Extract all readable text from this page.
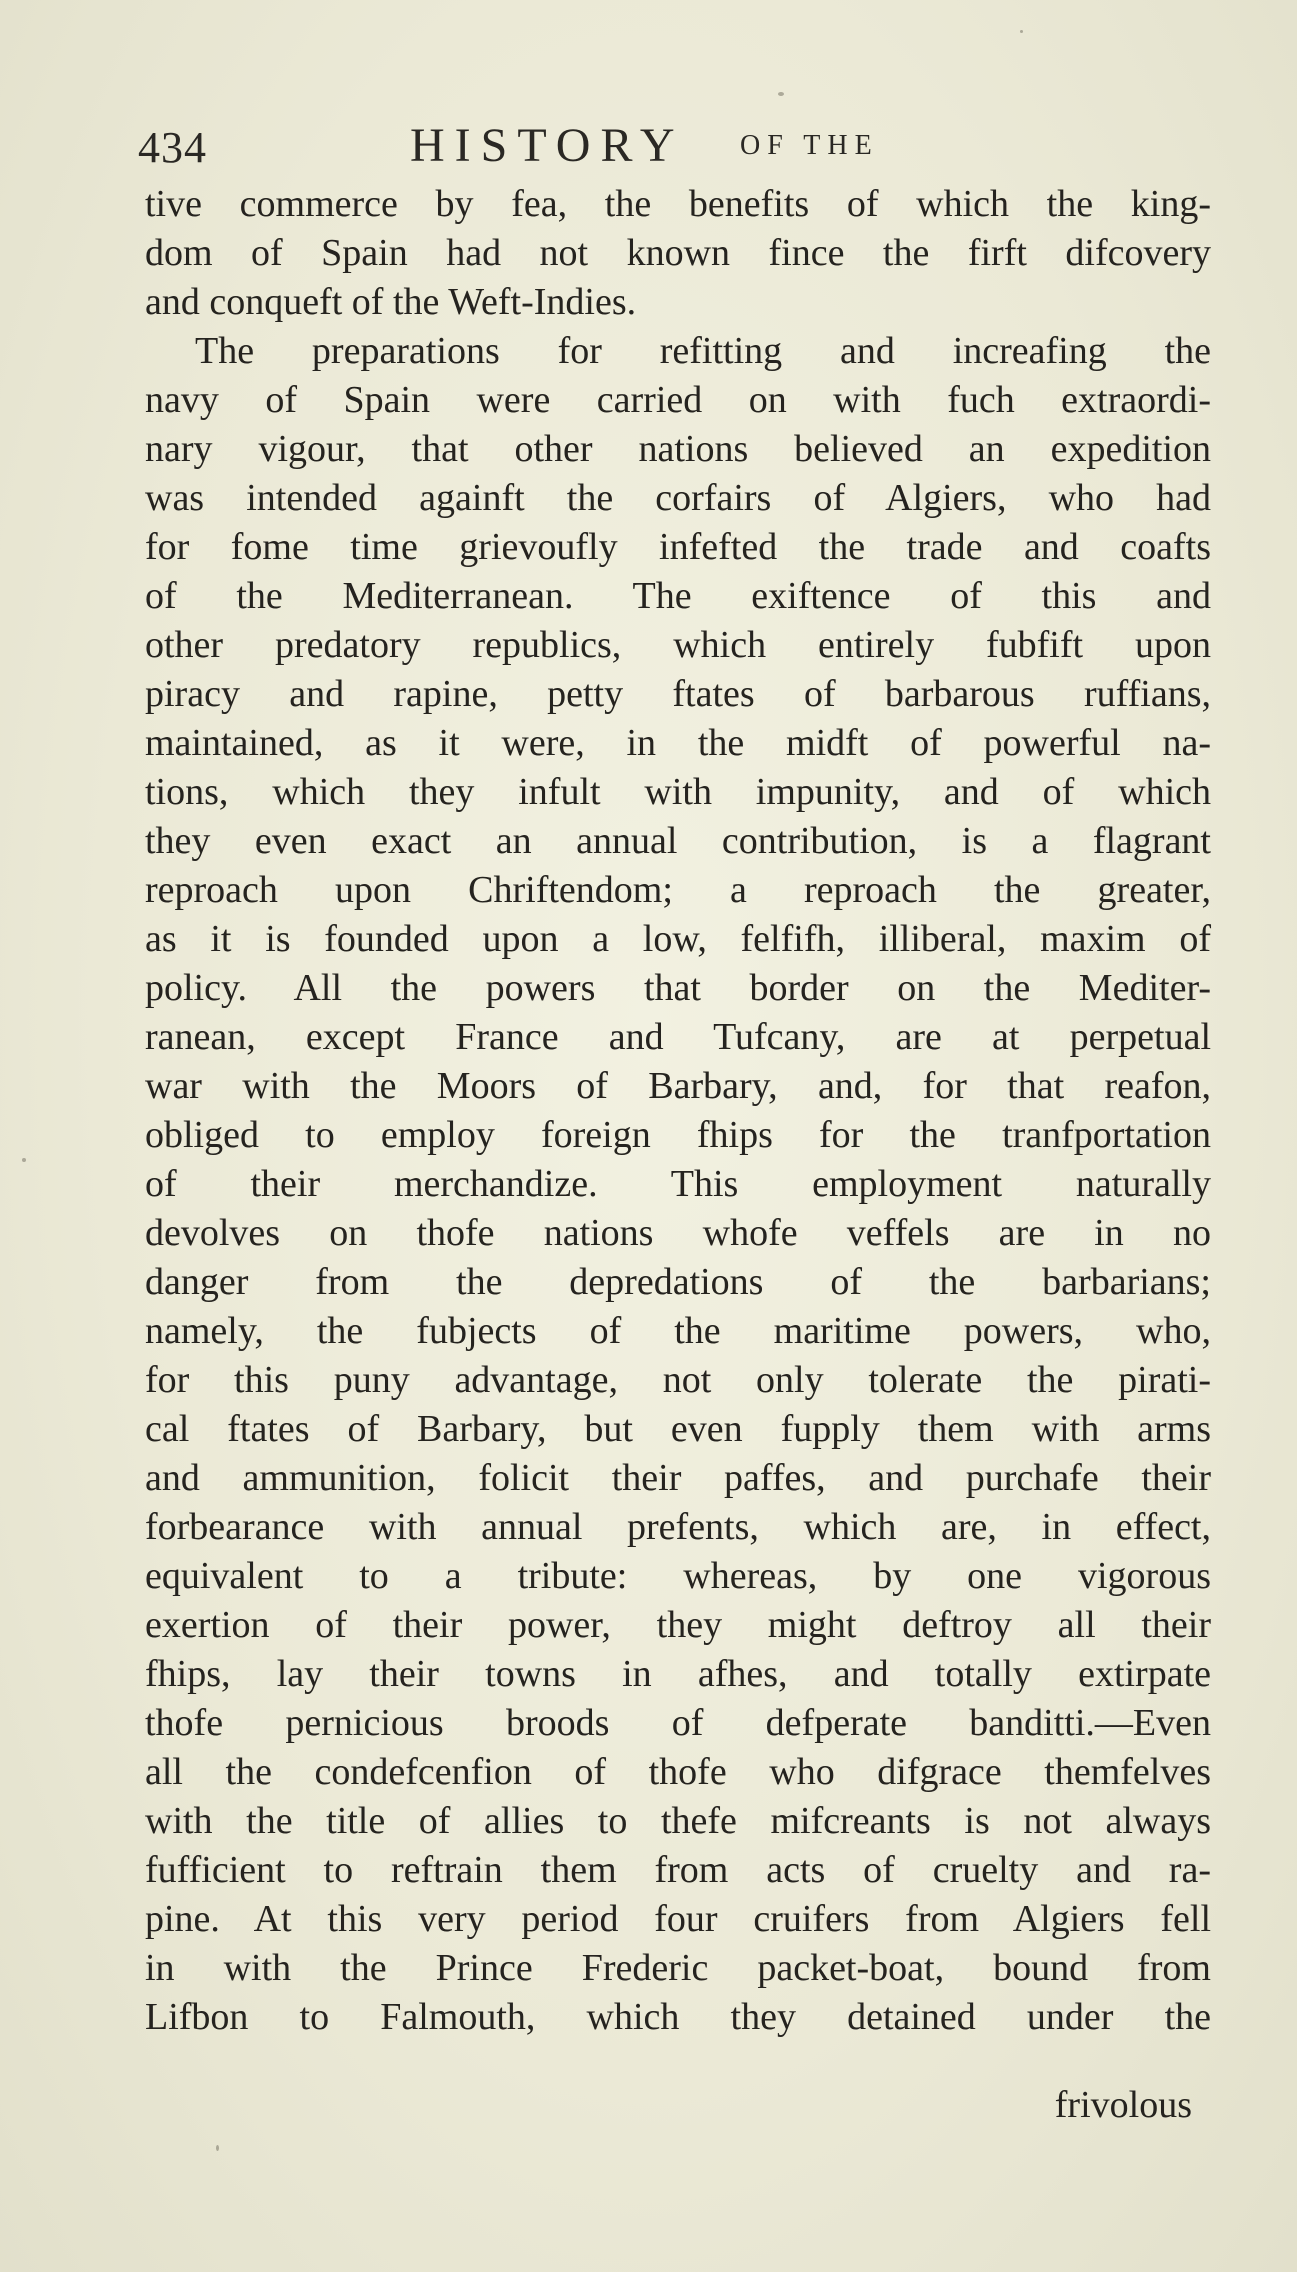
434	HISTORY OF THE
tive commerce by fea, the benefits of which the king-
dom of Spain had not known fince the firft difcovery
and conqueft of the Weft-Indies.
The preparations for refitting and increafing the
navy of Spain were carried on with fuch extraordi-
nary vigour, that other nations believed an expedition
was intended againft the corfairs of Algiers, who had
for fome time grievoufly infefted the trade and coafts
of the Mediterranean. The exiftence of this and
other predatory republics, which entirely fubfift upon
piracy and rapine, petty ftates of barbarous ruffians,
maintained, as it were, in the midft of powerful na-
tions, which they infult with impunity, and of which
they even exact an annual contribution, is a flagrant
reproach upon Chriftendom; a reproach the greater,
as it is founded upon a low, felfifh, illiberal, maxim of
policy. All the powers that border on the Mediter-
ranean, except France and Tufcany, are at perpetual
war with the Moors of Barbary, and, for that reafon,
obliged to employ foreign fhips for the tranfportation
of their merchandize. This employment naturally
devolves on thofe nations whofe veffels are in no
danger from the depredations of the barbarians;
namely, the fubjects of the maritime powers, who,
for this puny advantage, not only tolerate the pirati-
cal ftates of Barbary, but even fupply them with arms
and ammunition, folicit their paffes, and purchafe their
forbearance with annual prefents, which are, in effect,
equivalent to a tribute: whereas, by one vigorous
exertion of their power, they might deftroy all their
fhips, lay their towns in afhes, and totally extirpate
thofe pernicious broods of defperate banditti.—Even
all the condefcenfion of thofe who difgrace themfelves
with the title of allies to thefe mifcreants is not always
fufficient to reftrain them from acts of cruelty and ra-
pine. At this very period four cruifers from Algiers fell
in with the Prince Frederic packet-boat, bound from
Lifbon to Falmouth, which they detained under the
frivolous
